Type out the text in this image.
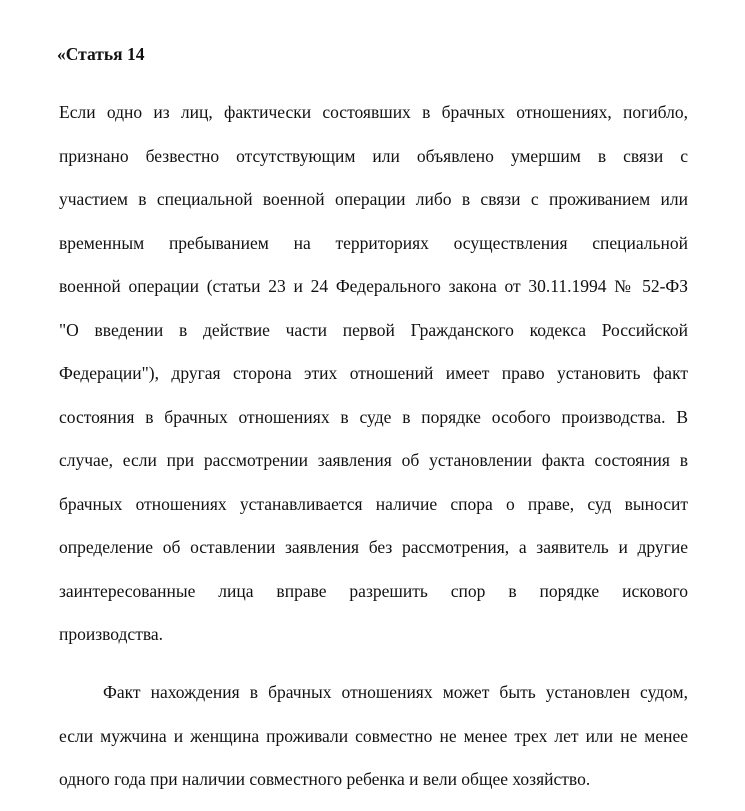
«Статья 14
Если одно из лиц, фактически состоявших в брачных отношениях, погибло,
признано безвестно отсутствующим или объявлено умершим в связи с
участием в специальной военной операции либо в связи с проживанием или
временным пребыванием на территориях осуществления специальной
военной операции (статьи 23 и 24 Федерального закона от 30.11.1994 № 52-ФЗ
"О введении в действие части первой Гражданского кодекса Российской
Федерации"), другая сторона этих отношений имеет право установить факт
состояния в брачных отношениях в суде в порядке особого производства. В
случае, если при рассмотрении заявления об установлении факта состояния в
брачных отношениях устанавливается наличие спора о праве, суд выносит
определение об оставлении заявления без рассмотрения, а заявитель и другие
заинтересованные лица вправе разрешить спор в порядке искового
производства.
Факт нахождения в брачных отношениях может быть установлен судом,
если мужчина и женщина проживали совместно не менее трех лет или не менее
одного года при наличии совместного ребенка и вели общее хозяйство.
